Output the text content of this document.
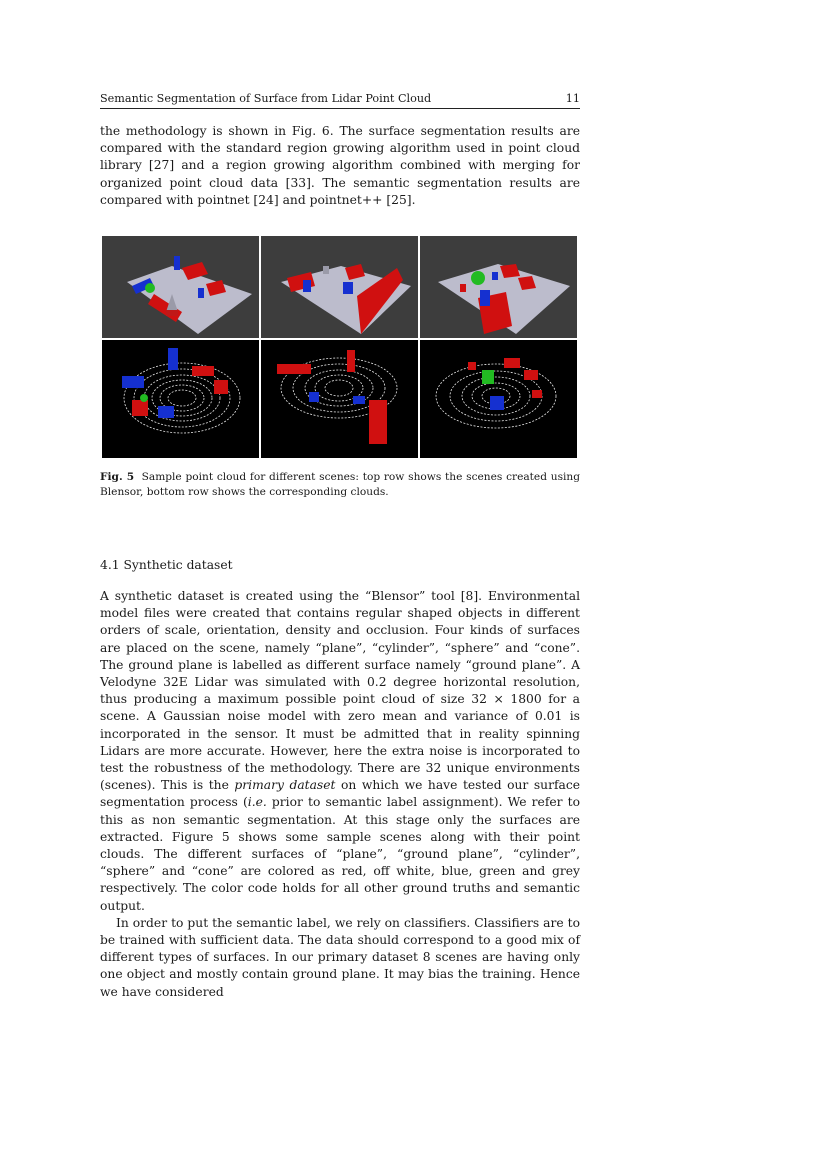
Semantic Segmentation of Surface from Lidar Point Cloud	11
the methodology is shown in Fig. 6. The surface segmentation results are compared with the standard region growing algorithm used in point cloud library [27] and a region growing algorithm combined with merging for organized point cloud data [33]. The semantic segmentation results are compared with pointnet [24] and pointnet++ [25].
Fig. 5 Sample point cloud for different scenes: top row shows the scenes created using Blensor, bottom row shows the corresponding clouds.
4.1 Synthetic dataset
A synthetic dataset is created using the “Blensor” tool [8]. Environmental model files were created that contains regular shaped objects in different orders of scale, orientation, density and occlusion. Four kinds of surfaces are placed on the scene, namely “plane”, “cylinder”, “sphere” and “cone”. The ground plane is labelled as different surface namely “ground plane”. A Velodyne 32E Lidar was simulated with 0.2 degree horizontal resolution, thus producing a maximum possible point cloud of size 32 × 1800 for a scene. A Gaussian noise model with zero mean and variance of 0.01 is incorporated in the sensor. It must be admitted that in reality spinning Lidars are more accurate. However, here the extra noise is incorporated to test the robustness of the methodology. There are 32 unique environments (scenes). This is the primary dataset on which we have tested our surface segmentation process (i.e. prior to semantic label assignment). We refer to this as non semantic segmentation. At this stage only the surfaces are extracted. Figure 5 shows some sample scenes along with their point clouds. The different surfaces of “plane”, “ground plane”, “cylinder”, “sphere” and “cone” are colored as red, off white, blue, green and grey respectively. The color code holds for all other ground truths and semantic output.
In order to put the semantic label, we rely on classifiers. Classifiers are to be trained with sufficient data. The data should correspond to a good mix of different types of surfaces. In our primary dataset 8 scenes are having only one object and mostly contain ground plane. It may bias the training. Hence we have considered
